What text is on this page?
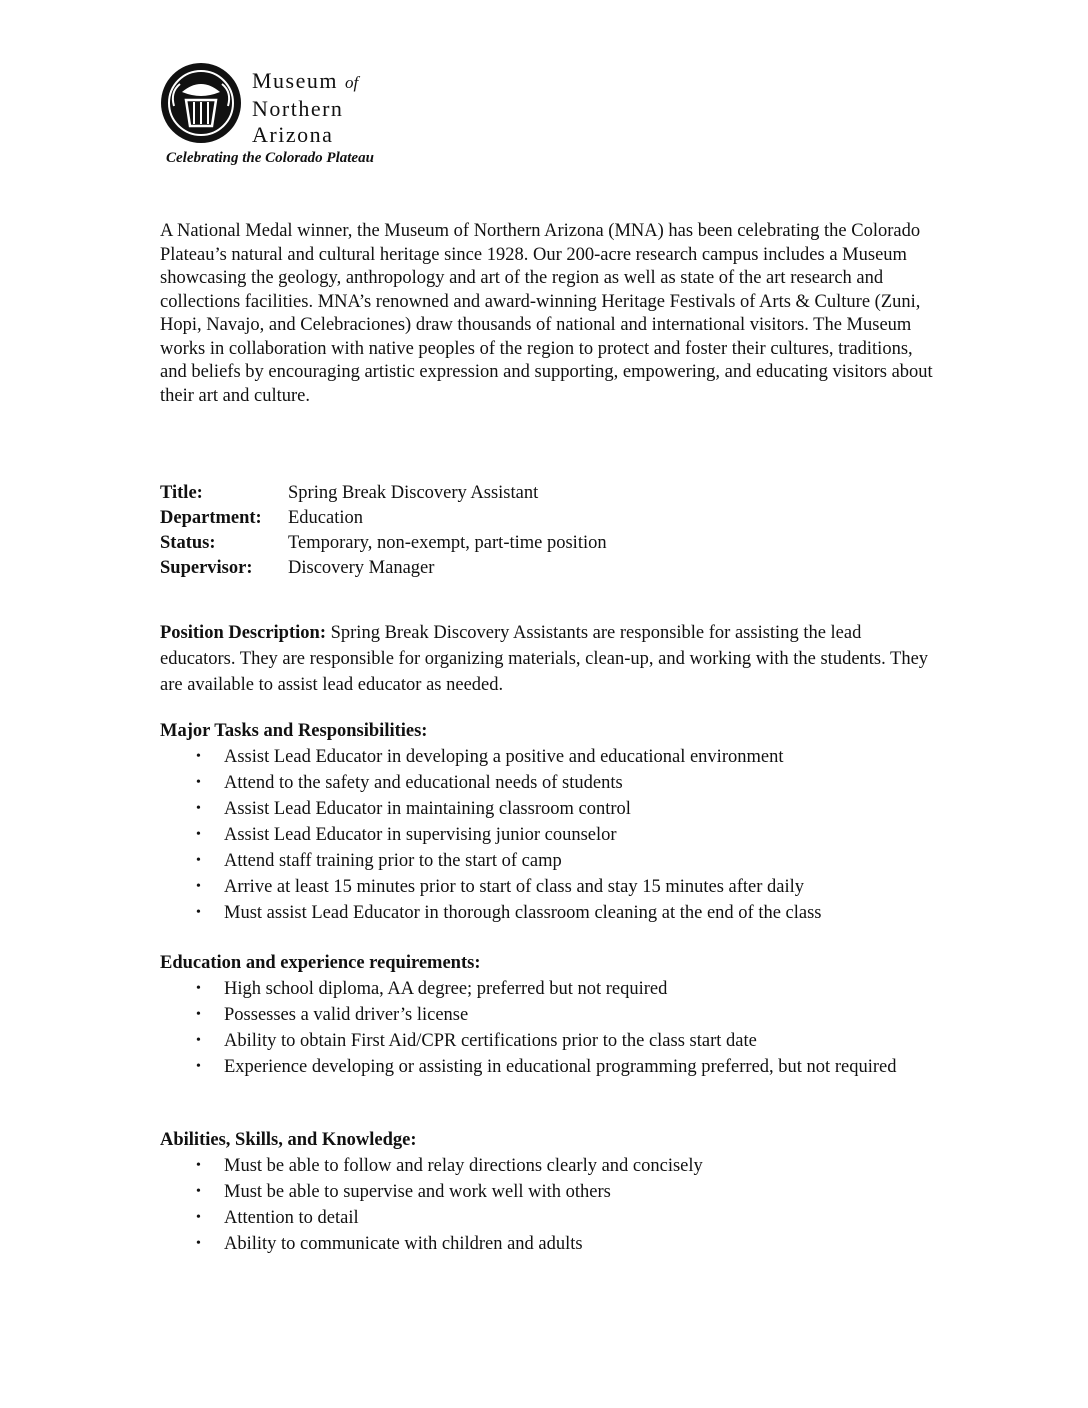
Museum of
Northern
Arizona
Celebrating the Colorado Plateau

A National Medal winner, the Museum of Northern Arizona (MNA) has been celebrating the Colorado Plateau’s natural and cultural heritage since 1928. Our 200-acre research campus includes a Museum showcasing the geology, anthropology and art of the region as well as state of the art research and collections facilities. MNA’s renowned and award-winning Heritage Festivals of Arts & Culture (Zuni, Hopi, Navajo, and Celebraciones) draw thousands of national and international visitors. The Museum works in collaboration with native peoples of the region to protect and foster their cultures, traditions, and beliefs by encouraging artistic expression and supporting, empowering, and educating visitors about their art and culture.

Title:	Spring Break Discovery Assistant
Department:	Education
Status:	Temporary, non-exempt, part-time position
Supervisor:	Discovery Manager

Position Description: Spring Break Discovery Assistants are responsible for assisting the lead educators. They are responsible for organizing materials, clean-up, and working with the students. They are available to assist lead educator as needed.

Major Tasks and Responsibilities:
• Assist Lead Educator in developing a positive and educational environment
• Attend to the safety and educational needs of students
• Assist Lead Educator in maintaining classroom control
• Assist Lead Educator in supervising junior counselor
• Attend staff training prior to the start of camp
• Arrive at least 15 minutes prior to start of class and stay 15 minutes after daily
• Must assist Lead Educator in thorough classroom cleaning at the end of the class
Education and experience requirements:
• High school diploma, AA degree; preferred but not required
• Possesses a valid driver’s license
• Ability to obtain First Aid/CPR certifications prior to the class start date
• Experience developing or assisting in educational programming preferred, but not required
Abilities, Skills, and Knowledge:
• Must be able to follow and relay directions clearly and concisely
• Must be able to supervise and work well with others
• Attention to detail
• Ability to communicate with children and adults
